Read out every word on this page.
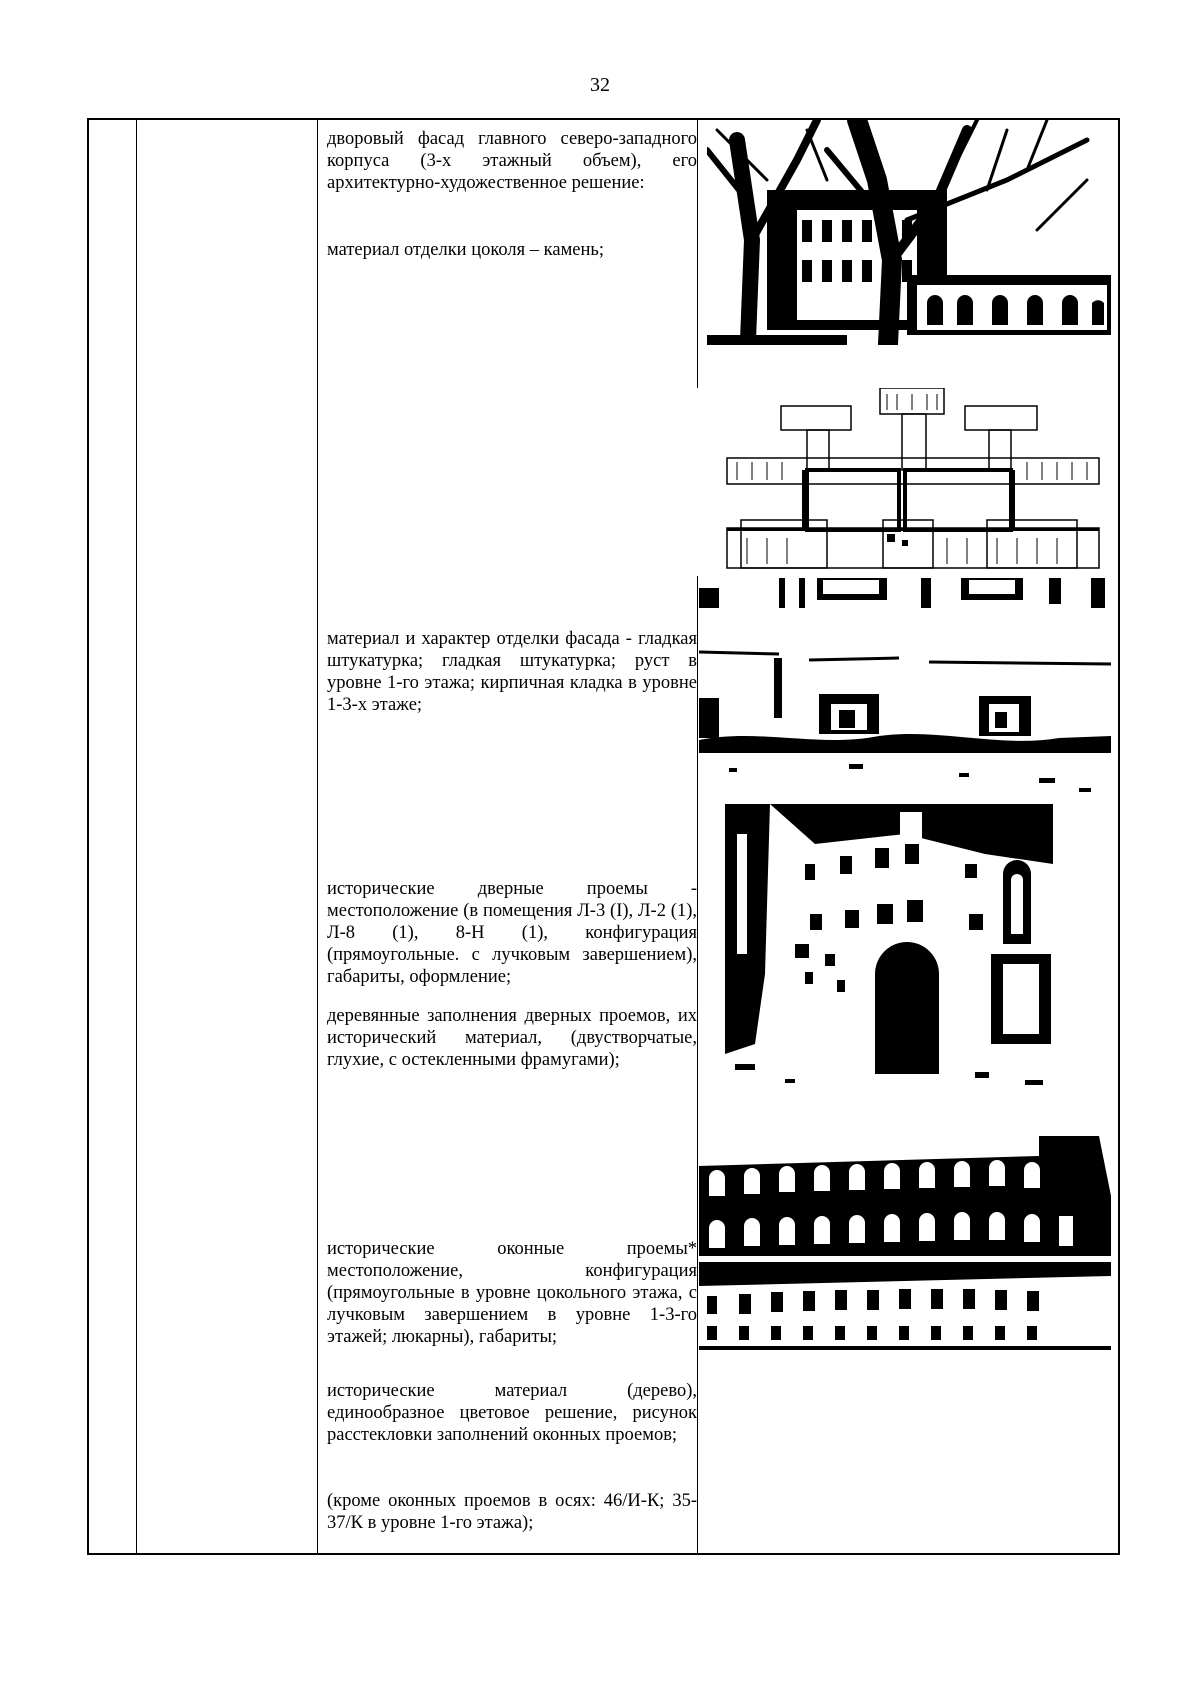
32

дворовый фасад главного северо-западного корпуса (3-х этажный объем), его архитектурно-художественное решение:

материал отделки цоколя – камень;

материал и характер отделки фасада - гладкая штукатурка; гладкая штукатурка; руст в уровне 1-го этажа; кирпичная кладка в уровне 1-3-х этаже;

исторические дверные проемы - местоположение (в помещения Л-3 (I), Л-2 (1), Л-8 (1), 8-Н (1), конфигурация (прямоугольные. с лучковым завершением), габариты, оформление;

деревянные заполнения дверных проемов, их исторический материал, (двустворчатые, глухие, с остекленными фрамугами);

исторические оконные проемы* местоположение, конфигурация (прямоугольные в уровне цокольного этажа, с лучковым завершением в уровне 1-3-го этажей; люкарны), габариты;

исторические материал (дерево), единообразное цветовое решение, рисунок расстекловки заполнений оконных проемов;

(кроме оконных проемов в осях: 46/И-К; 35-37/К в уровне 1-го этажа);
